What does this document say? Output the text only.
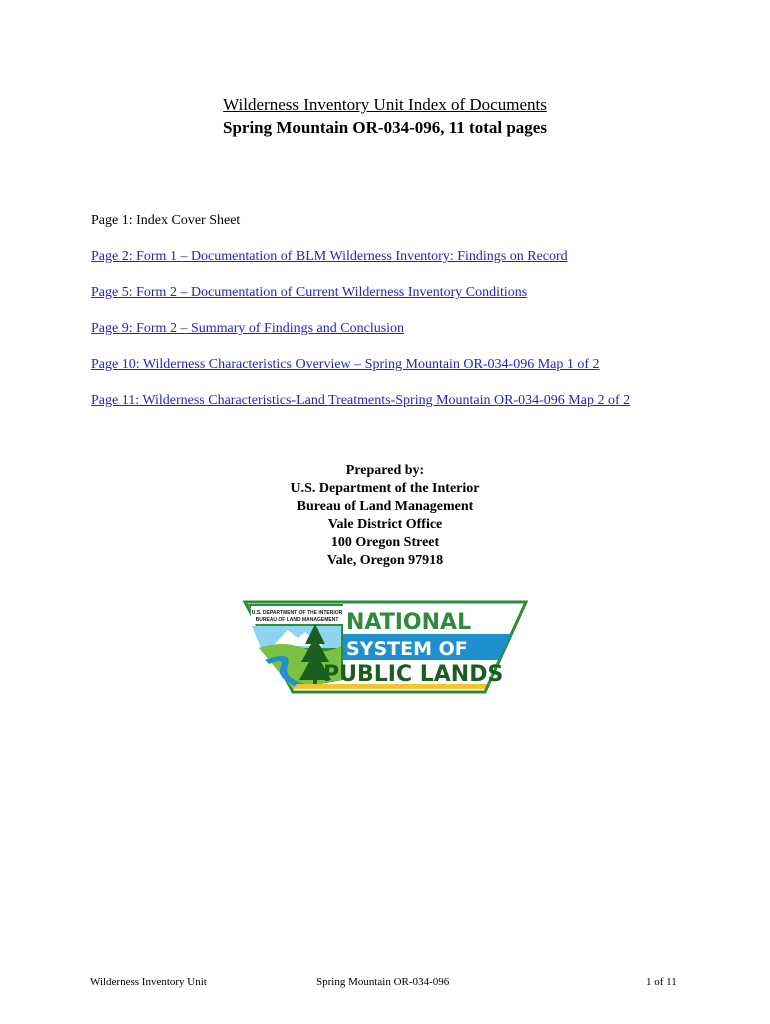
Wilderness Inventory Unit Index of Documents
Spring Mountain OR-034-096, 11 total pages
Page 1: Index Cover Sheet
Page 2: Form 1 – Documentation of BLM Wilderness Inventory: Findings on Record
Page 5: Form 2 – Documentation of Current Wilderness Inventory Conditions
Page 9: Form 2 – Summary of Findings and Conclusion
Page 10: Wilderness Characteristics Overview – Spring Mountain OR-034-096 Map 1 of 2
Page 11: Wilderness Characteristics-Land Treatments-Spring Mountain OR-034-096 Map 2 of 2
Prepared by:
U.S. Department of the Interior
Bureau of Land Management
Vale District Office
100 Oregon Street
Vale, Oregon 97918
U.S. DEPARTMENT OF THE INTERIOR
BUREAU OF LAND MANAGEMENT NATIONAL
SYSTEM OF
PUBLIC LANDS
Wilderness Inventory Unit	Spring Mountain OR-034-096	1 of 11
